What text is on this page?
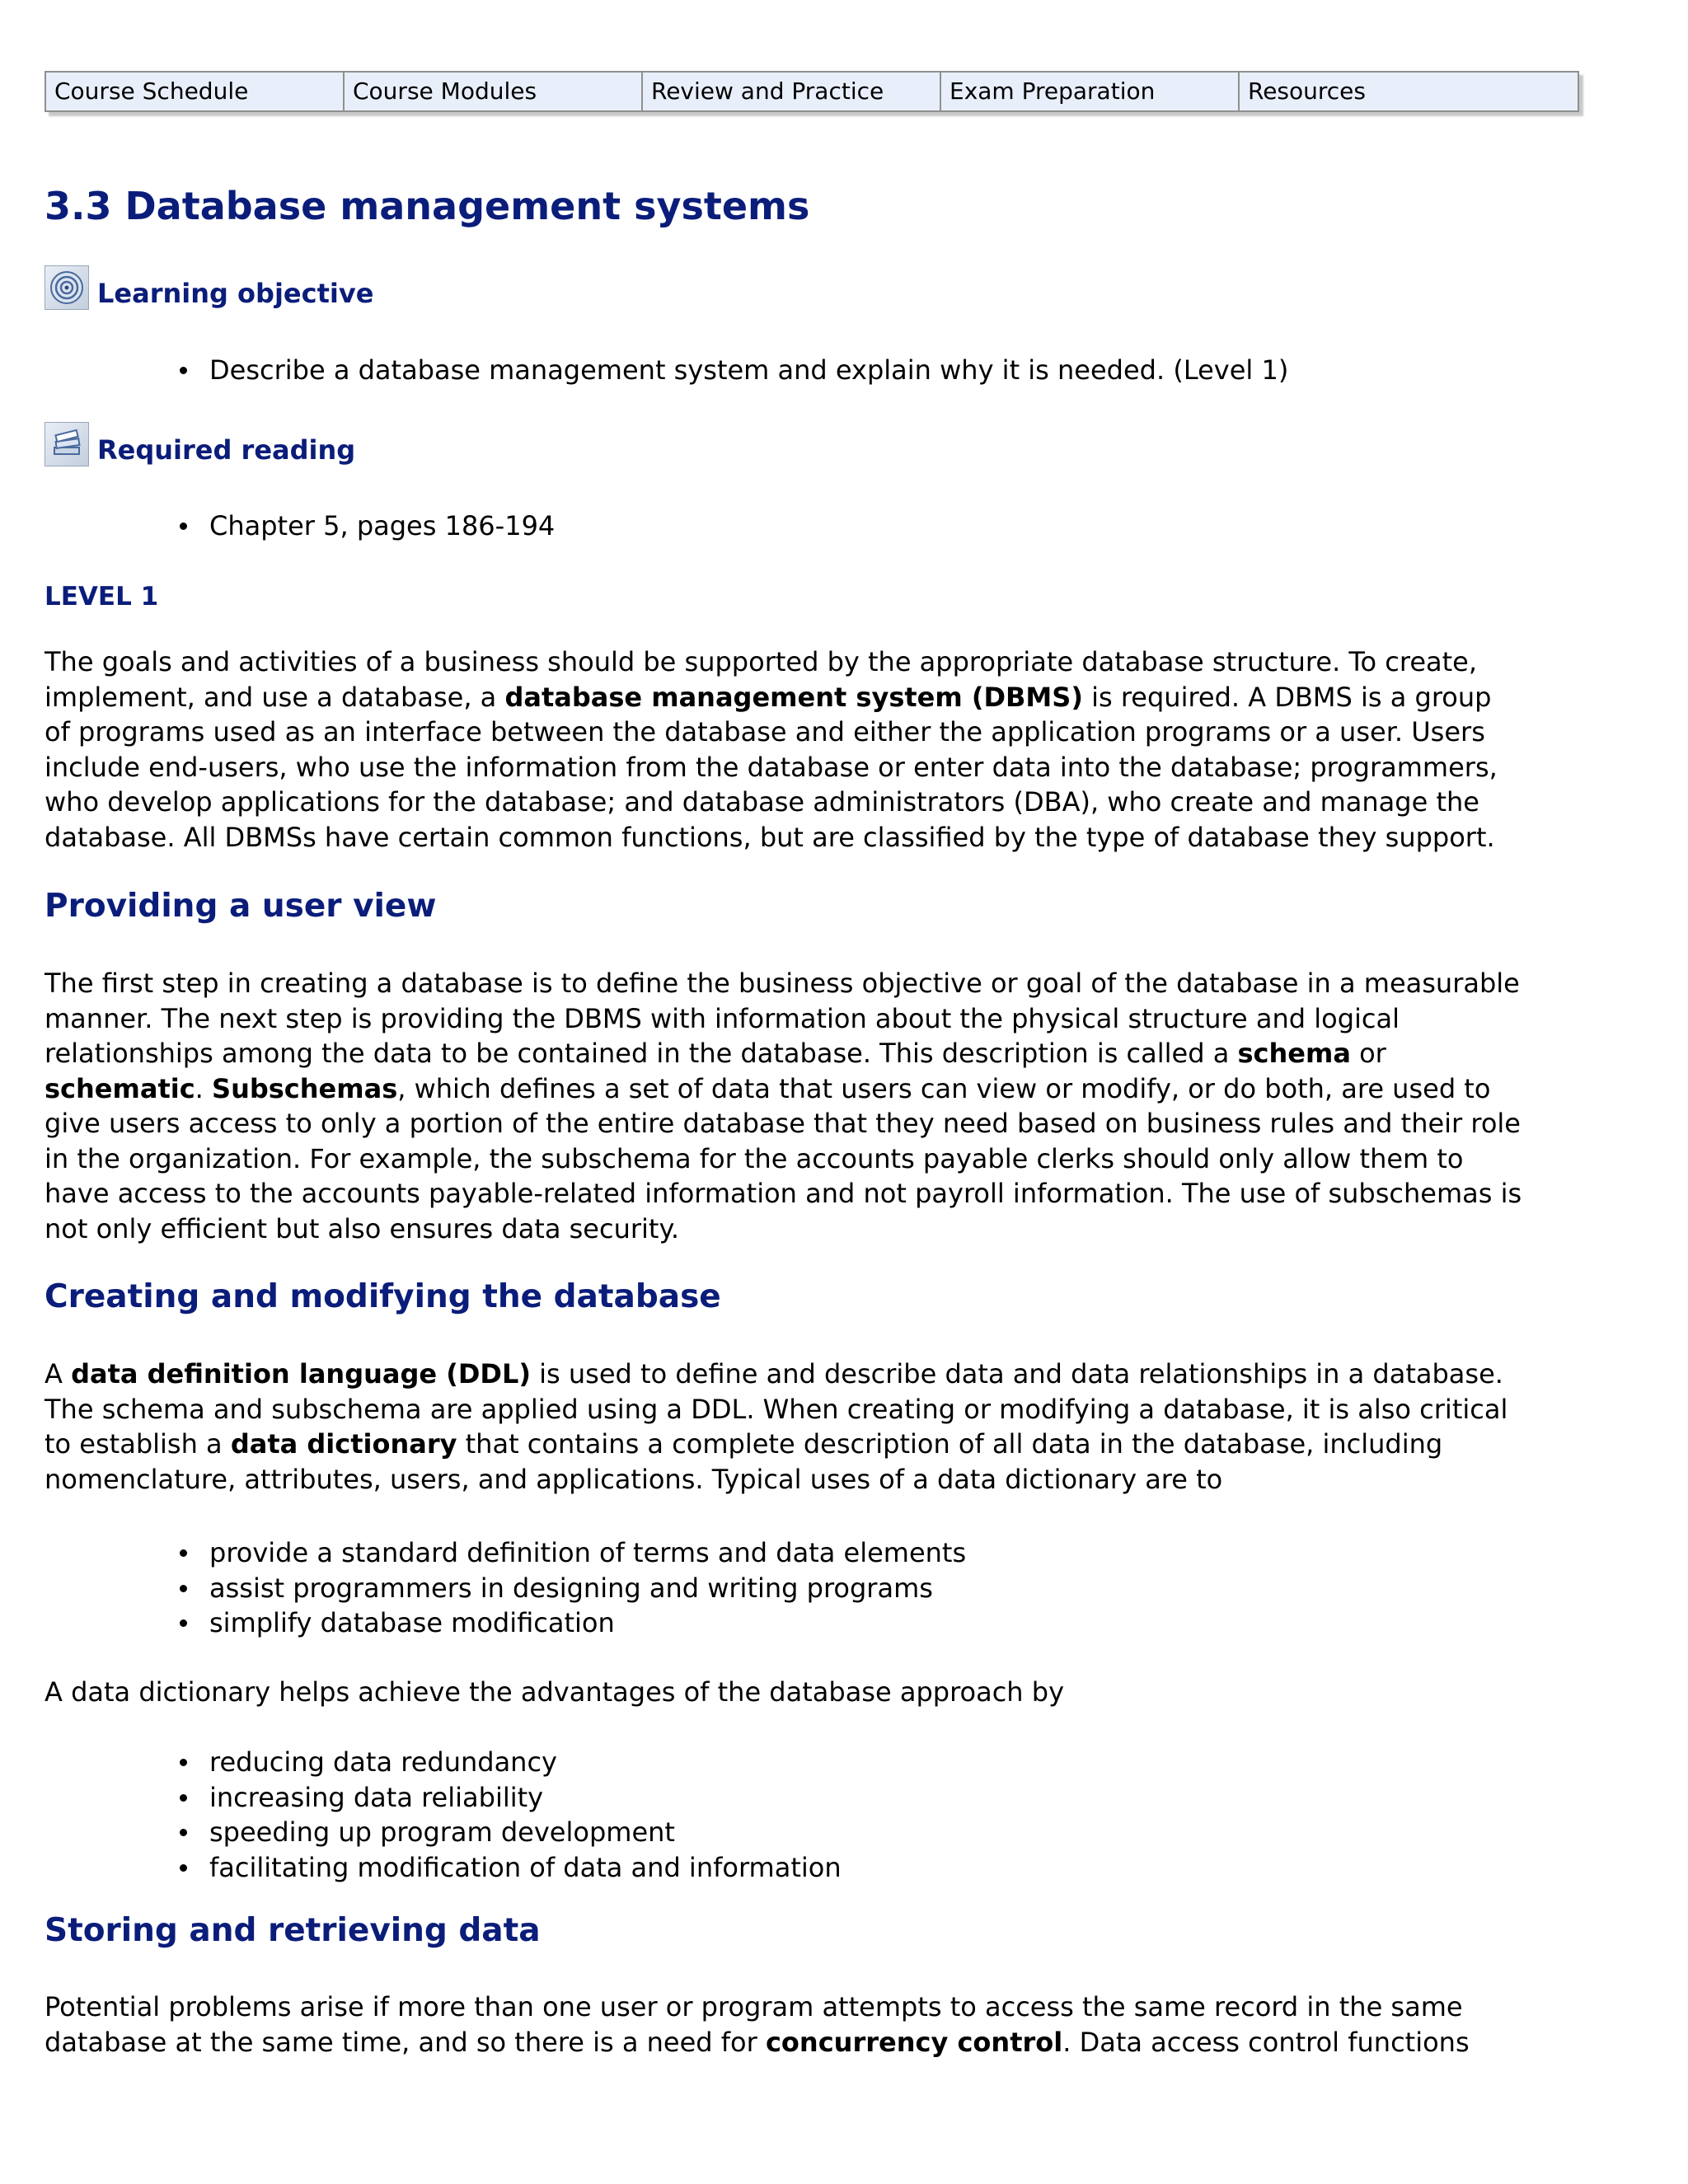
Course Schedule	Course Modules	Review and Practice	Exam Preparation	Resources
3.3 Database management systems
Learning objective
Describe a database management system and explain why it is needed. (Level 1)
Required reading
Chapter 5, pages 186-194
LEVEL 1

The goals and activities of a business should be supported by the appropriate database structure. To create,
implement, and use a database, a database management system (DBMS) is required. A DBMS is a group
of programs used as an interface between the database and either the application programs or a user. Users
include end-users, who use the information from the database or enter data into the database; programmers,
who develop applications for the database; and database administrators (DBA), who create and manage the
database. All DBMSs have certain common functions, but are classified by the type of database they support.

Providing a user view

The first step in creating a database is to define the business objective or goal of the database in a measurable
manner. The next step is providing the DBMS with information about the physical structure and logical
relationships among the data to be contained in the database. This description is called a schema or
schematic. Subschemas, which defines a set of data that users can view or modify, or do both, are used to
give users access to only a portion of the entire database that they need based on business rules and their role
in the organization. For example, the subschema for the accounts payable clerks should only allow them to
have access to the accounts payable-related information and not payroll information. The use of subschemas is
not only efficient but also ensures data security.

Creating and modifying the database

A data definition language (DDL) is used to define and describe data and data relationships in a database.
The schema and subschema are applied using a DDL. When creating or modifying a database, it is also critical
to establish a data dictionary that contains a complete description of all data in the database, including
nomenclature, attributes, users, and applications. Typical uses of a data dictionary are to

provide a standard definition of terms and data elements
assist programmers in designing and writing programs
simplify database modification

A data dictionary helps achieve the advantages of the database approach by

reducing data redundancy
increasing data reliability
speeding up program development
facilitating modification of data and information
Storing and retrieving data

Potential problems arise if more than one user or program attempts to access the same record in the same
database at the same time, and so there is a need for concurrency control. Data access control functions
